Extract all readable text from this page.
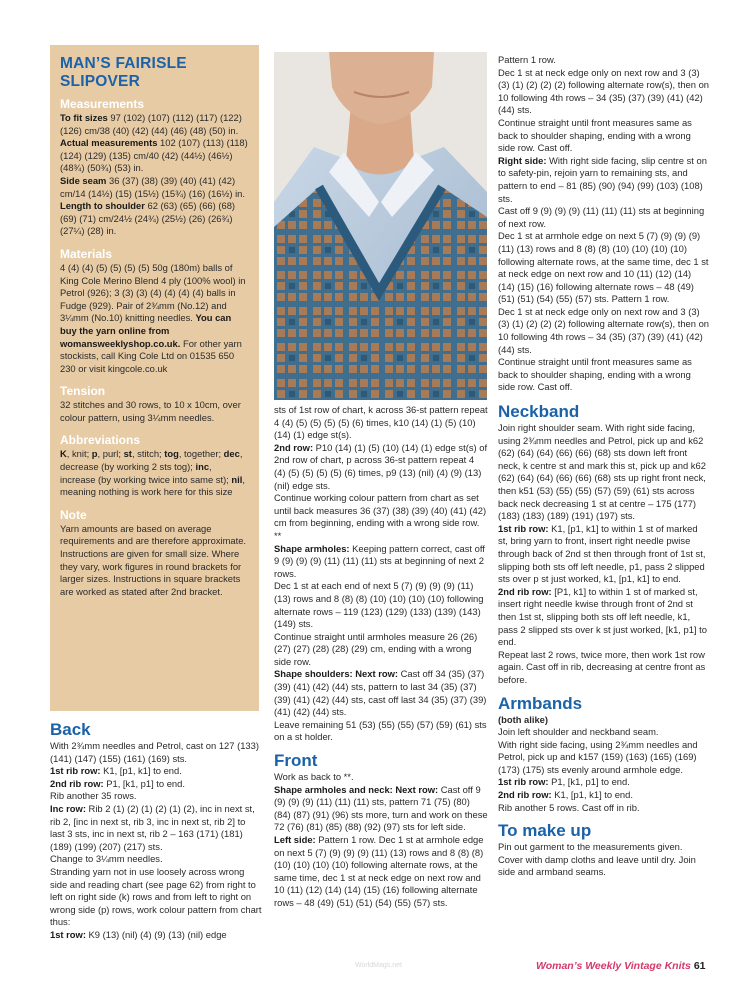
MAN’S FAIRISLE SLIPOVER
Measurements

To fit sizes 97 (102) (107) (112) (117) (122) (126) cm/38 (40) (42) (44) (46) (48) (50) in.

Actual measurements 102 (107) (113) (118) (124) (129) (135) cm/40 (42) (44½) (46½) (48¾) (50¾) (53) in.

Side seam 36 (37) (38) (39) (40) (41) (42) cm/14 (14½) (15) (15½) (15¾) (16) (16½) in.

Length to shoulder 62 (63) (65) (66) (68) (69) (71) cm/24½ (24¾) (25½) (26) (26¾) (27¼) (28) in.

Materials

4 (4) (4) (5) (5) (5) (5) 50g (180m) balls of King Cole Merino Blend 4 ply (100% wool) in Petrol (926); 3 (3) (3) (4) (4) (4) (4) balls in Fudge (929). Pair of 2¾mm (No.12) and 3¼mm (No.10) knitting needles. You can buy the yarn online from womansweeklyshop.co.uk. For other yarn stockists, call King Cole Ltd on 01535 650 230 or visit kingcole.co.uk

Tension

32 stitches and 30 rows, to 10 x 10cm, over colour pattern, using 3¼mm needles.

Abbreviations

K, knit; p, purl; st, stitch; tog, together; dec, decrease (by working 2 sts tog); inc, increase (by working twice into same st); nil, meaning nothing is work here for this size

Note

Yarn amounts are based on average requirements and are therefore approximate. Instructions are given for small size. Where they vary, work figures in round brackets for larger sizes. Instructions in square brackets are worked as stated after 2nd bracket.

Back

With 2¾mm needles and Petrol, cast on 127 (133) (141) (147) (155) (161) (169) sts.

1st rib row: K1, [p1, k1] to end.

2nd rib row: P1, [k1, p1] to end.

Rib another 35 rows.

Inc row: Rib 2 (1) (2) (1) (2) (1) (2), inc in next st, rib 2, [inc in next st, rib 3, inc in next st, rib 2] to last 3 sts, inc in next st, rib 2 – 163 (171) (181) (189) (199) (207) (217) sts.

Change to 3¼mm needles.

Stranding yarn not in use loosely across wrong side and reading chart (see page 62) from right to left on right side (k) rows and from left to right on wrong side (p) rows, work colour pattern from chart thus:

1st row: K9 (13) (nil) (4) (9) (13) (nil) edge

sts of 1st row of chart, k across 36-st pattern repeat 4 (4) (5) (5) (5) (5) (6) times, k10 (14) (1) (5) (10) (14) (1) edge st(s).

2nd row: P10 (14) (1) (5) (10) (14) (1) edge st(s) of 2nd row of chart, p across 36-st pattern repeat 4 (4) (5) (5) (5) (5) (6) times, p9 (13) (nil) (4) (9) (13) (nil) edge sts.

Continue working colour pattern from chart as set until back measures 36 (37) (38) (39) (40) (41) (42) cm from beginning, ending with a wrong side row. **

Shape armholes: Keeping pattern correct, cast off 9 (9) (9) (9) (11) (11) (11) sts at beginning of next 2 rows.

Dec 1 st at each end of next 5 (7) (9) (9) (9) (11) (13) rows and 8 (8) (8) (10) (10) (10) (10) following alternate rows – 119 (123) (129) (133) (139) (143) (149) sts.

Continue straight until armholes measure 26 (26) (27) (27) (28) (28) (29) cm, ending with a wrong side row.

Shape shoulders: Next row: Cast off 34 (35) (37) (39) (41) (42) (44) sts, pattern to last 34 (35) (37) (39) (41) (42) (44) sts, cast off last 34 (35) (37) (39) (41) (42) (44) sts.

Leave remaining 51 (53) (55) (55) (57) (59) (61) sts on a st holder.

Front

Work as back to **.

Shape armholes and neck: Next row: Cast off 9 (9) (9) (9) (11) (11) (11) sts, pattern 71 (75) (80) (84) (87) (91) (96) sts more, turn and work on these 72 (76) (81) (85) (88) (92) (97) sts for left side.

Left side: Pattern 1 row. Dec 1 st at armhole edge on next 5 (7) (9) (9) (9) (11) (13) rows and 8 (8) (8) (10) (10) (10) (10) following alternate rows, at the same time, dec 1 st at neck edge on next row and 10 (11) (12) (14) (14) (15) (16) following alternate rows – 48 (49) (51) (51) (54) (55) (57) sts.

Pattern 1 row.

Dec 1 st at neck edge only on next row and 3 (3) (3) (1) (2) (2) (2) following alternate row(s), then on 10 following 4th rows – 34 (35) (37) (39) (41) (42) (44) sts.

Continue straight until front measures same as back to shoulder shaping, ending with a wrong side row. Cast off.

Right side: With right side facing, slip centre st on to safety-pin, rejoin yarn to remaining sts, and pattern to end – 81 (85) (90) (94) (99) (103) (108) sts.

Cast off 9 (9) (9) (9) (11) (11) (11) sts at beginning of next row.

Dec 1 st at armhole edge on next 5 (7) (9) (9) (9) (11) (13) rows and 8 (8) (8) (10) (10) (10) (10) following alternate rows, at the same time, dec 1 st at neck edge on next row and 10 (11) (12) (14) (14) (15) (16) following alternate rows – 48 (49) (51) (51) (54) (55) (57) sts. Pattern 1 row.

Dec 1 st at neck edge only on next row and 3 (3) (3) (1) (2) (2) (2) following alternate row(s), then on 10 following 4th rows – 34 (35) (37) (39) (41) (42) (44) sts.

Continue straight until front measures same as back to shoulder shaping, ending with a wrong side row. Cast off.

Neckband

Join right shoulder seam. With right side facing, using 2¾mm needles and Petrol, pick up and k62 (62) (64) (64) (66) (66) (68) sts down left front neck, k centre st and mark this st, pick up and k62 (62) (64) (64) (66) (66) (68) sts up right front neck, then k51 (53) (55) (55) (57) (59) (61) sts across back neck decreasing 1 st at centre – 175 (177) (183) (183) (189) (191) (197) sts.

1st rib row: K1, [p1, k1] to within 1 st of marked st, bring yarn to front, insert right needle pwise through back of 2nd st then through front of 1st st, slipping both sts off left needle, p1, pass 2 slipped sts over p st just worked, k1, [p1, k1] to end.

2nd rib row: [P1, k1] to within 1 st of marked st, insert right needle kwise through front of 2nd st then 1st st, slipping both sts off left needle, k1, pass 2 slipped sts over k st just worked, [k1, p1] to end.

Repeat last 2 rows, twice more, then work 1st row again. Cast off in rib, decreasing at centre front as before.

Armbands

(both alike)

Join left shoulder and neckband seam.

With right side facing, using 2¾mm needles and Petrol, pick up and k157 (159) (163) (165) (169) (173) (175) sts evenly around armhole edge.

1st rib row: P1, [k1, p1] to end.

2nd rib row: K1, [p1, k1] to end.

Rib another 5 rows. Cast off in rib.

To make up

Pin out garment to the measurements given. Cover with damp cloths and leave until dry. Join side and armband seams.

WorldMags.net	Woman’s Weekly Vintage Knits 61
